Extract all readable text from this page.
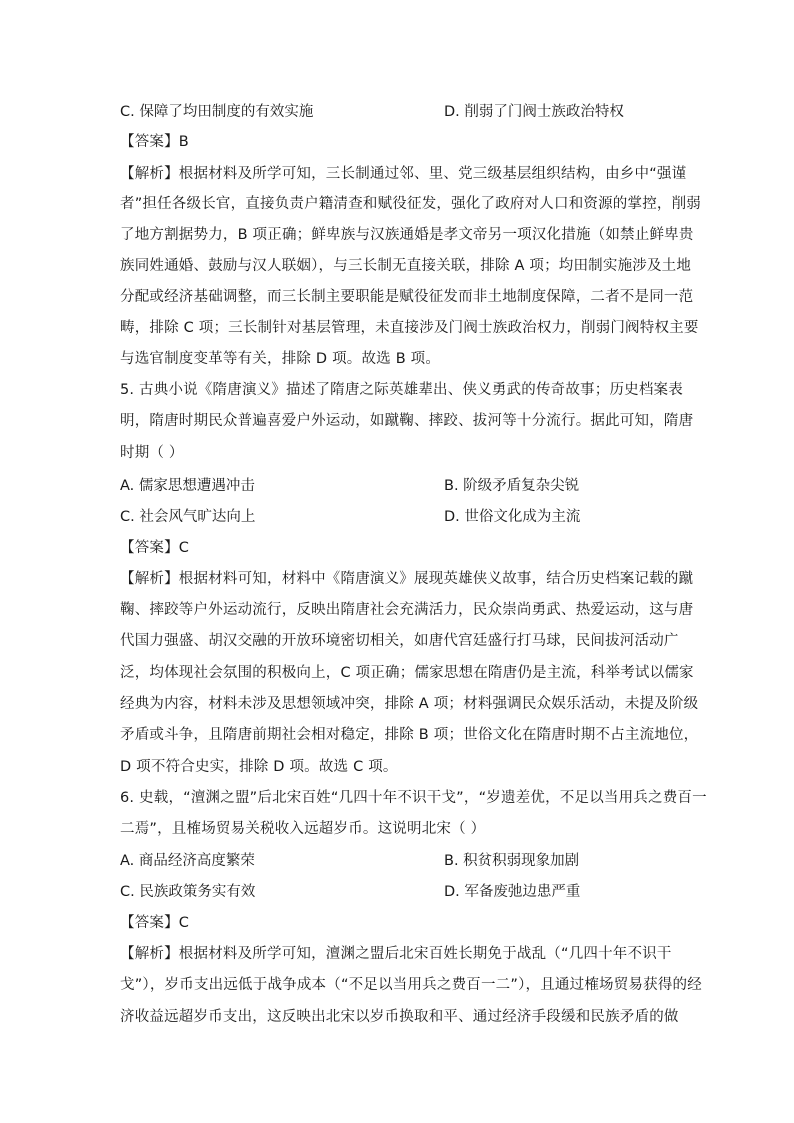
C. 保障了均田制度的有效实施	D. 削弱了门阀士族政治特权
【答案】B
【解析】根据材料及所学可知，三长制通过邻、里、党三级基层组织结构，由乡中“强谨
者”担任各级长官，直接负责户籍清查和赋役征发，强化了政府对人口和资源的掌控，削弱
了地方割据势力，B 项正确；鲜卑族与汉族通婚是孝文帝另一项汉化措施（如禁止鲜卑贵
族同姓通婚、鼓励与汉人联姻），与三长制无直接关联，排除 A 项；均田制实施涉及土地
分配或经济基础调整，而三长制主要职能是赋役征发而非土地制度保障，二者不是同一范
畴，排除 C 项；三长制针对基层管理，未直接涉及门阀士族政治权力，削弱门阀特权主要
与选官制度变革等有关，排除 D 项。故选 B 项。
5. 古典小说《隋唐演义》描述了隋唐之际英雄辈出、侠义勇武的传奇故事；历史档案表
明，隋唐时期民众普遍喜爱户外运动，如蹴鞠、摔跤、拔河等十分流行。据此可知，隋唐
时期（ ）
A. 儒家思想遭遇冲击	B. 阶级矛盾复杂尖锐
C. 社会风气旷达向上	D. 世俗文化成为主流
【答案】C
【解析】根据材料可知，材料中《隋唐演义》展现英雄侠义故事，结合历史档案记载的蹴
鞠、摔跤等户外运动流行，反映出隋唐社会充满活力，民众崇尚勇武、热爱运动，这与唐
代国力强盛、胡汉交融的开放环境密切相关，如唐代宫廷盛行打马球，民间拔河活动广
泛，均体现社会氛围的积极向上，C 项正确；儒家思想在隋唐仍是主流，科举考试以儒家
经典为内容，材料未涉及思想领域冲突，排除 A 项；材料强调民众娱乐活动，未提及阶级
矛盾或斗争，且隋唐前期社会相对稳定，排除 B 项；世俗文化在隋唐时期不占主流地位，
D 项不符合史实，排除 D 项。故选 C 项。
6. 史载，“澶渊之盟”后北宋百姓“几四十年不识干戈”，“岁遗差优，不足以当用兵之费百一
二焉”，且榷场贸易关税收入远超岁币。这说明北宋（ ）
A. 商品经济高度繁荣	B. 积贫积弱现象加剧
C. 民族政策务实有效	D. 军备废弛边患严重
【答案】C
【解析】根据材料及所学可知，澶渊之盟后北宋百姓长期免于战乱（“几四十年不识干
戈”），岁币支出远低于战争成本（“不足以当用兵之费百一二”），且通过榷场贸易获得的经
济收益远超岁币支出，这反映出北宋以岁币换取和平、通过经济手段缓和民族矛盾的做
